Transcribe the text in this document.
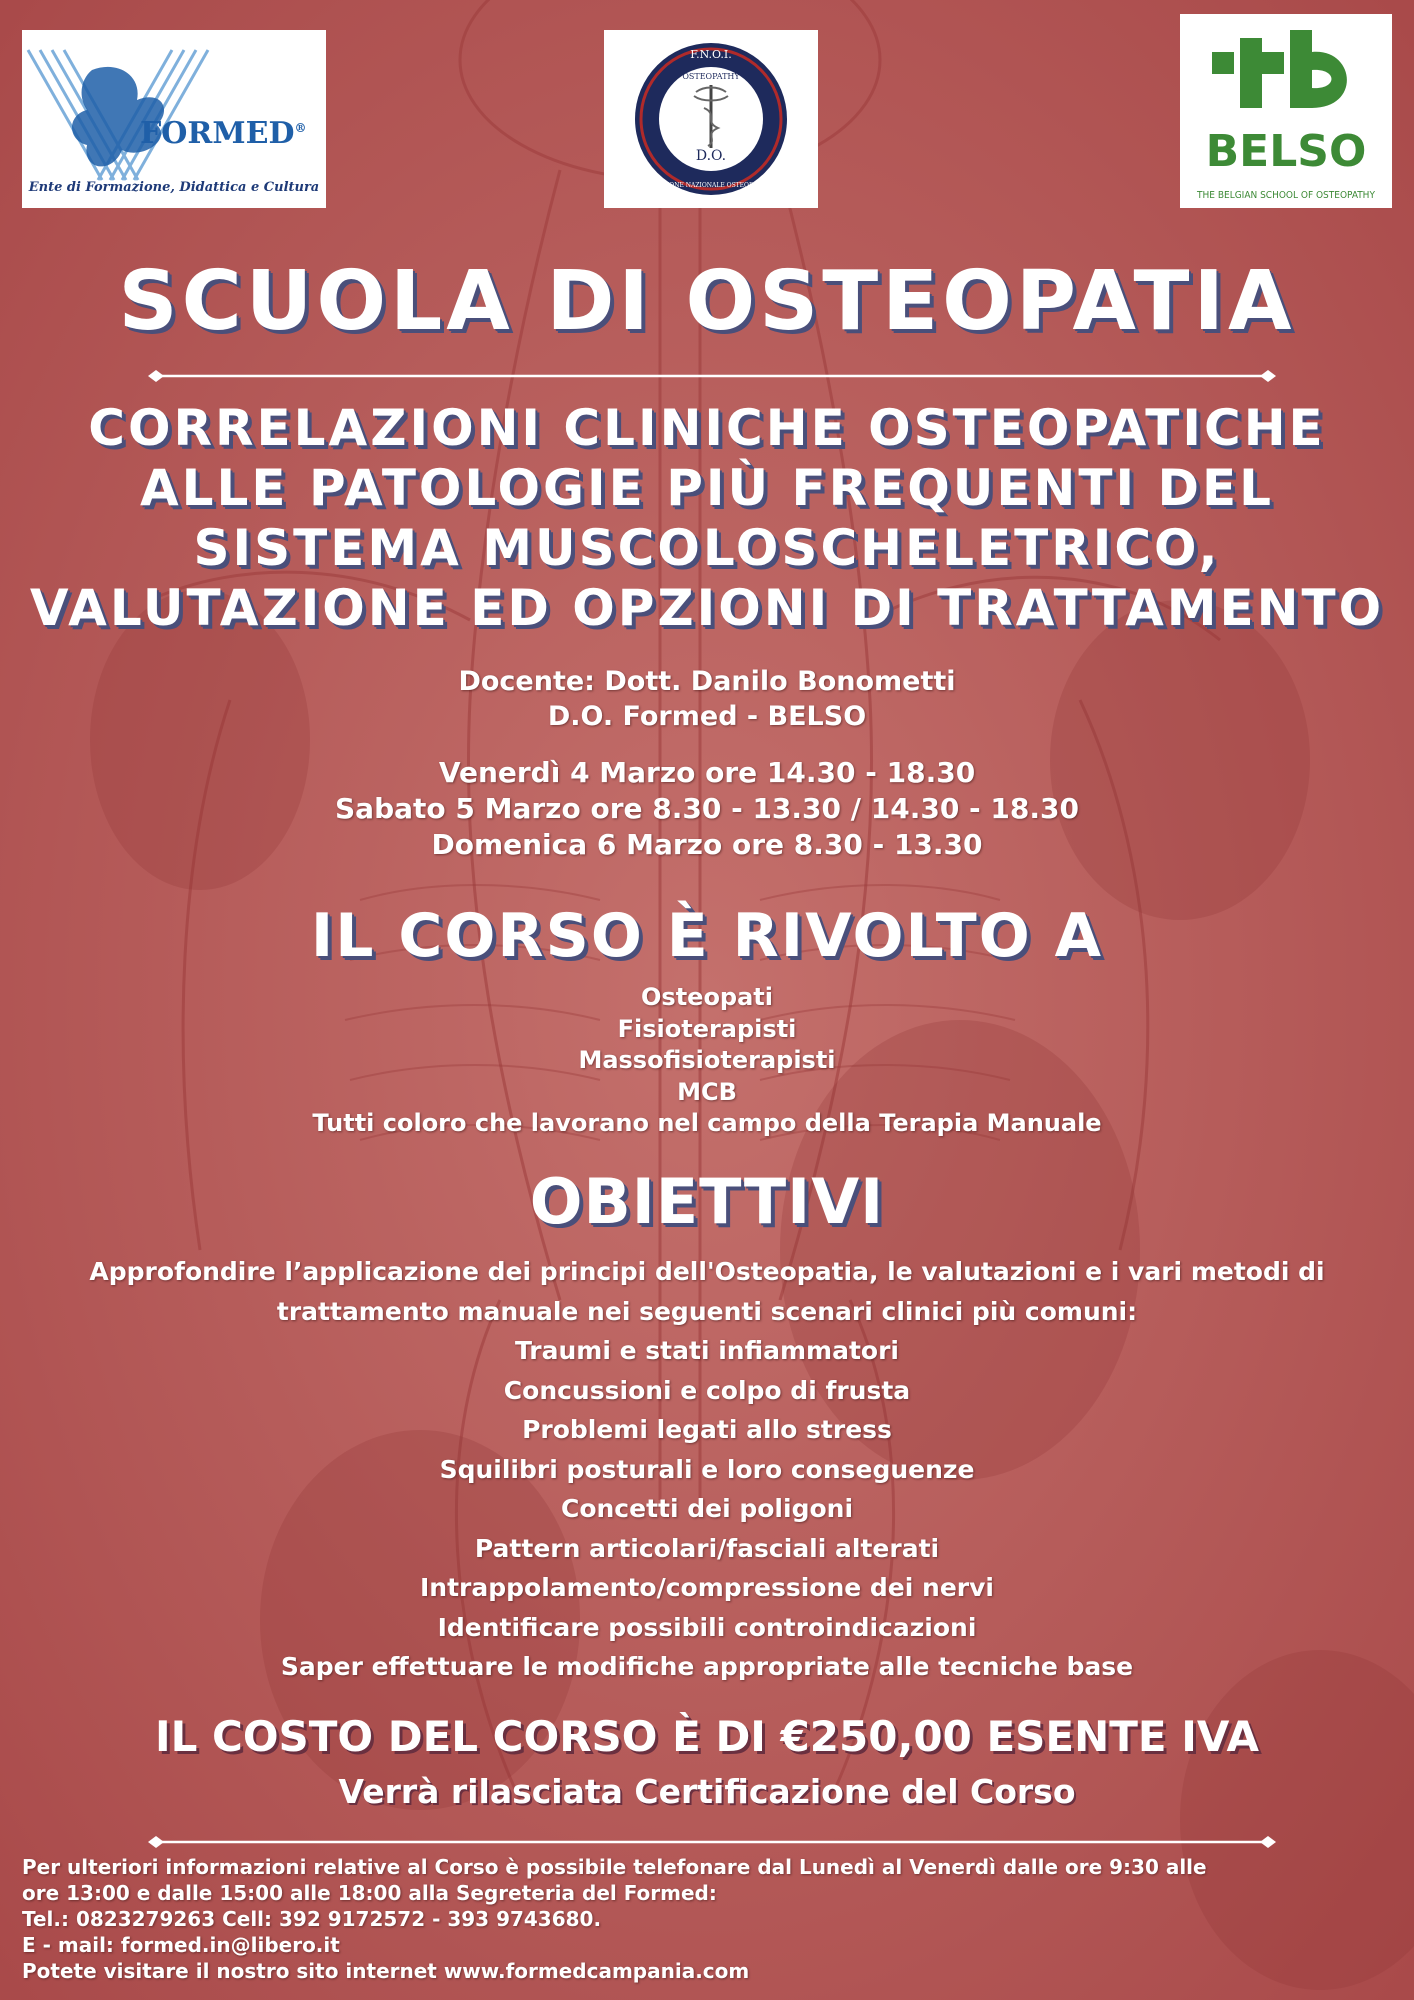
FORMED®
Ente di Formazione, Didattica e Cultura
F.N.O.I.
OSTEOPATHY
D.O.
FEDERAZIONE NAZIONALE OSTEOPATI ITALIA
BELSO
THE BELGIAN SCHOOL OF OSTEOPATHY
SCUOLA DI OSTEOPATIA
CORRELAZIONI CLINICHE OSTEOPATICHE
ALLE PATOLOGIE PIÙ FREQUENTI DEL
SISTEMA MUSCOLOSCHELETRICO,
VALUTAZIONE ED OPZIONI DI TRATTAMENTO
Docente: Dott. Danilo Bonometti
D.O. Formed - BELSO
Venerdì 4 Marzo ore 14.30 - 18.30
Sabato 5 Marzo ore 8.30 - 13.30 / 14.30 - 18.30
Domenica 6 Marzo ore 8.30 - 13.30
IL CORSO È RIVOLTO A
Osteopati
Fisioterapisti
Massofisioterapisti
MCB
Tutti coloro che lavorano nel campo della Terapia Manuale
OBIETTIVI
Approfondire l’applicazione dei principi dell'Osteopatia, le valutazioni e i vari metodi di
trattamento manuale nei seguenti scenari clinici più comuni:
Traumi e stati infiammatori
Concussioni e colpo di frusta
Problemi legati allo stress
Squilibri posturali e loro conseguenze
Concetti dei poligoni
Pattern articolari/fasciali alterati
Intrappolamento/compressione dei nervi
Identificare possibili controindicazioni
Saper effettuare le modifiche appropriate alle tecniche base
IL COSTO DEL CORSO È DI €250,00 ESENTE IVA
Verrà rilasciata Certificazione del Corso
Per ulteriori informazioni relative al Corso è possibile telefonare dal Lunedì al Venerdì dalle ore 9:30 alle
ore 13:00 e dalle 15:00 alle 18:00 alla Segreteria del Formed:
Tel.: 0823279263 Cell: 392 9172572 - 393 9743680.
E - mail: formed.in@libero.it
Potete visitare il nostro sito internet www.formedcampania.com
